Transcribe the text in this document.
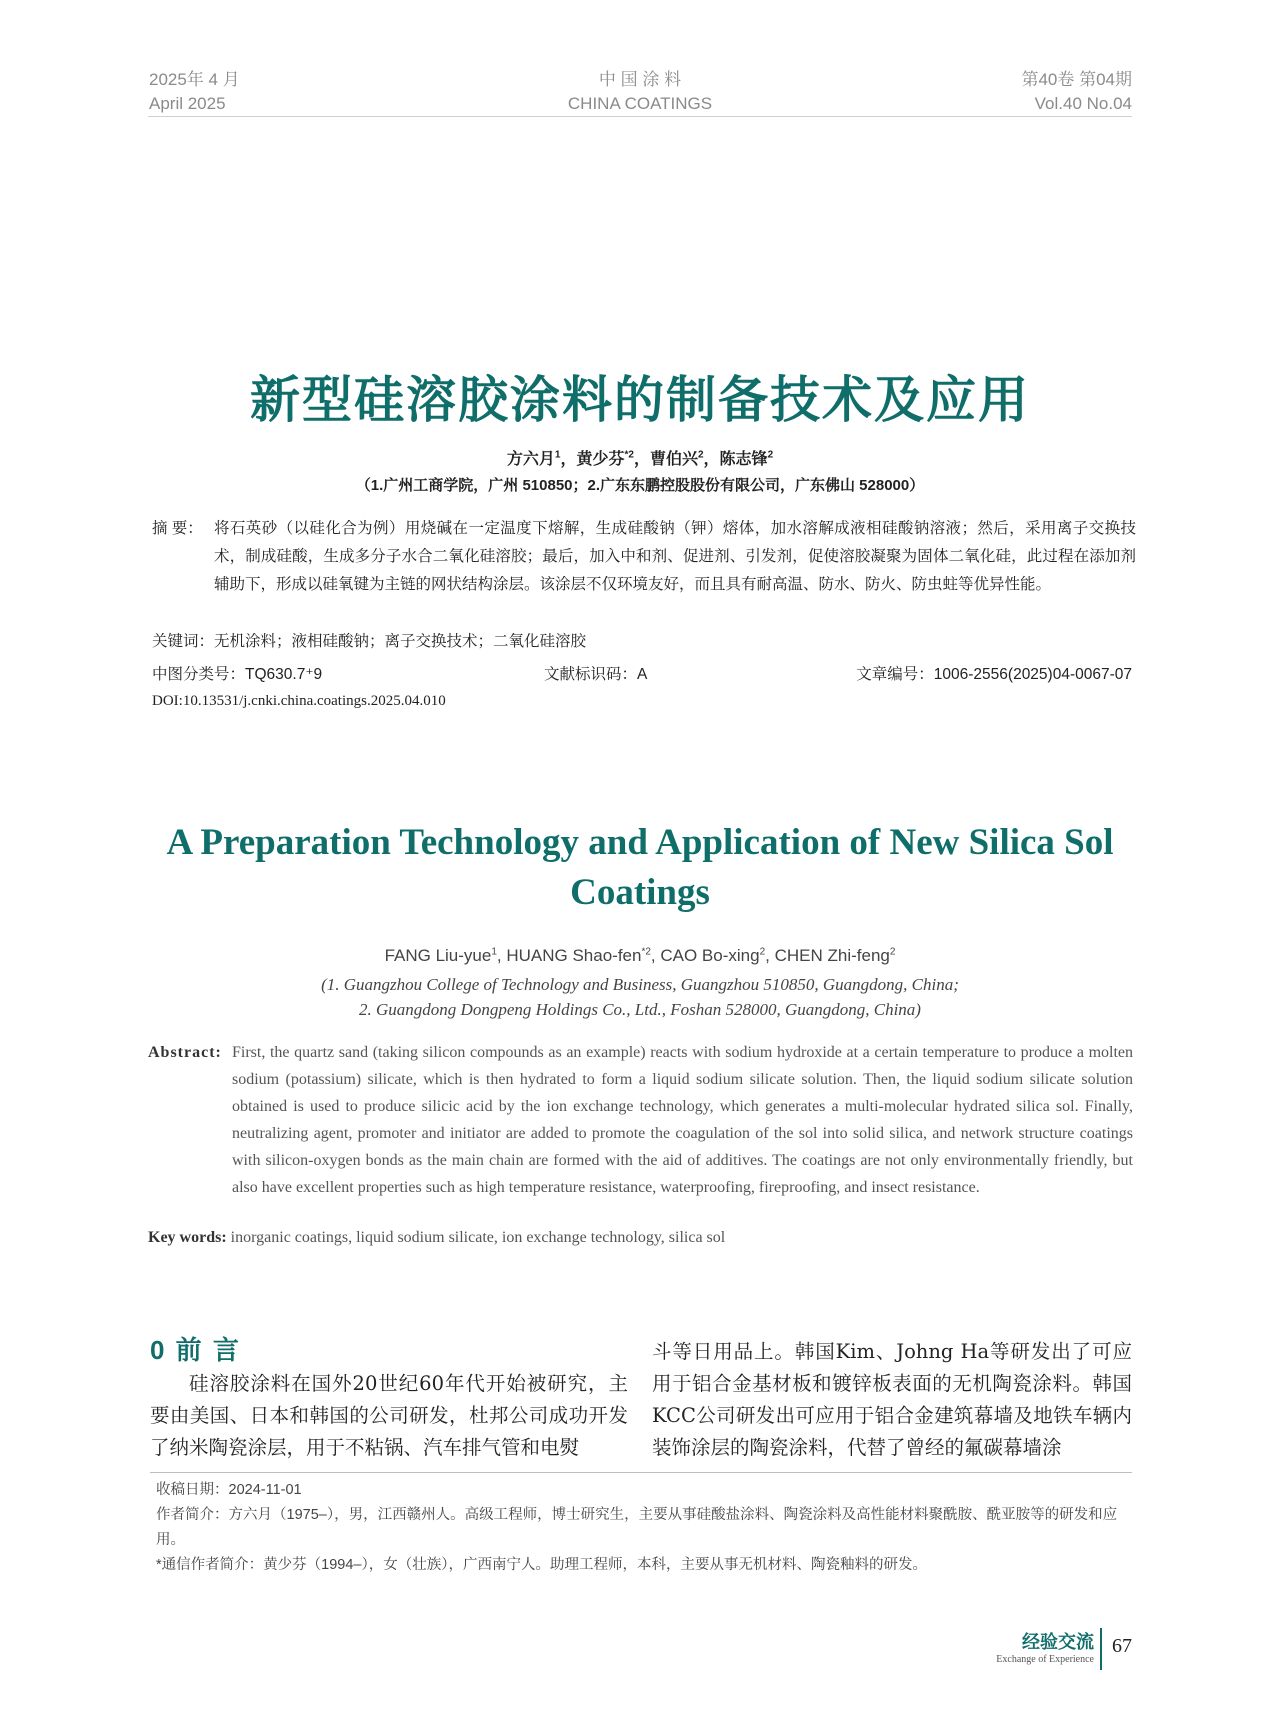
2025年 4 月
April 2025
中 国 涂 料
CHINA COATINGS
第40卷 第04期
Vol.40 No.04
新型硅溶胶涂料的制备技术及应用
方六月$^1$，黄少芬$^{*2}$，曹伯兴$^2$，陈志锋$^2$
（1.广州工商学院，广州 510850；2.广东东鹏控股股份有限公司，广东佛山 528000）
摘 要： 将石英砂（以硅化合为例）用烧碱在一定温度下熔解，生成硅酸钠（钾）熔体，加水溶解成液相硅酸钠溶液；然后，采用离子交换技术，制成硅酸，生成多分子水合二氧化硅溶胶；最后，加入中和剂、促进剂、引发剂，促使溶胶凝聚为固体二氧化硅，此过程在添加剂辅助下，形成以硅氧键为主链的网状结构涂层。该涂层不仅环境友好，而且具有耐高温、防水、防火、防虫蛀等优异性能。
关键词：无机涂料；液相硅酸钠；离子交换技术；二氧化硅溶胶
中图分类号：TQ630.7⁺9	文献标识码：A	文章编号：1006-2556(2025)04-0067-07
DOI:10.13531/j.cnki.china.coatings.2025.04.010
A Preparation Technology and Application of New Silica Sol Coatings
FANG Liu-yue$^1$, HUANG Shao-fen$^{*2}$, CAO Bo-xing$^2$, CHEN Zhi-feng$^2$
(1. Guangzhou College of Technology and Business, Guangzhou 510850, Guangdong, China;
2. Guangdong Dongpeng Holdings Co., Ltd., Foshan 528000, Guangdong, China)
Abstract: First, the quartz sand (taking silicon compounds as an example) reacts with sodium hydroxide at a certain temperature to produce a molten sodium (potassium) silicate, which is then hydrated to form a liquid sodium silicate solution. Then, the liquid sodium silicate solution obtained is used to produce silicic acid by the ion exchange technology, which generates a multi-molecular hydrated silica sol. Finally, neutralizing agent, promoter and initiator are added to promote the coagulation of the sol into solid silica, and network structure coatings with silicon-oxygen bonds as the main chain are formed with the aid of additives. The coatings are not only environmentally friendly, but also have excellent properties such as high temperature resistance, waterproofing, fireproofing, and insect resistance.
Key words: inorganic coatings, liquid sodium silicate, ion exchange technology, silica sol
0 前 言
硅溶胶涂料在国外20世纪60年代开始被研究，主要由美国、日本和韩国的公司研发，杜邦公司成功开发了纳米陶瓷涂层，用于不粘锅、汽车排气管和电熨
斗等日用品上。韩国Kim、Johng Ha等研发出了可应用于铝合金基材板和镀锌板表面的无机陶瓷涂料。韩国KCC公司研发出可应用于铝合金建筑幕墙及地铁车辆内装饰涂层的陶瓷涂料，代替了曾经的氟碳幕墙涂
收稿日期：2024-11-01
作者简介：方六月（1975–），男，江西赣州人。高级工程师，博士研究生，主要从事硅酸盐涂料、陶瓷涂料及高性能材料聚酰胺、酰亚胺等的研发和应用。
*通信作者简介：黄少芬（1994–），女（壮族），广西南宁人。助理工程师，本科，主要从事无机材料、陶瓷釉料的研发。
经验交流
Exchange of Experience
67
